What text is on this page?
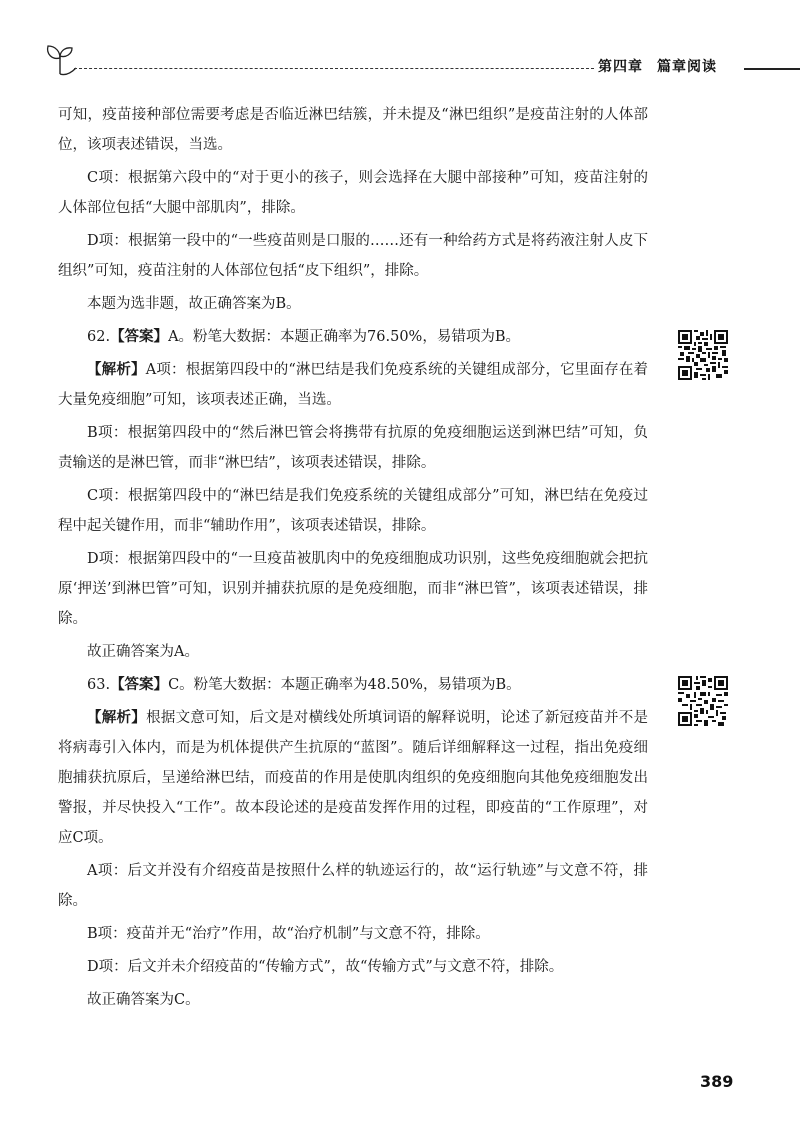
第四章 篇章阅读

可知，疫苗接种部位需要考虑是否临近淋巴结簇，并未提及“淋巴组织”是疫苗注射的人体部位，该项表述错误，当选。

C项：根据第六段中的“对于更小的孩子，则会选择在大腿中部接种”可知，疫苗注射的人体部位包括“大腿中部肌肉”，排除。

D项：根据第一段中的“一些疫苗则是口服的……还有一种给药方式是将药液注射人皮下组织”可知，疫苗注射的人体部位包括“皮下组织”，排除。

本题为选非题，故正确答案为B。

62.【答案】A。粉笔大数据：本题正确率为76.50%，易错项为B。

【解析】A项：根据第四段中的“淋巴结是我们免疫系统的关键组成部分，它里面存在着大量免疫细胞”可知，该项表述正确，当选。

B项：根据第四段中的“然后淋巴管会将携带有抗原的免疫细胞运送到淋巴结”可知，负责输送的是淋巴管，而非“淋巴结”，该项表述错误，排除。

C项：根据第四段中的“淋巴结是我们免疫系统的关键组成部分”可知，淋巴结在免疫过程中起关键作用，而非“辅助作用”，该项表述错误，排除。

D项：根据第四段中的“一旦疫苗被肌肉中的免疫细胞成功识别，这些免疫细胞就会把抗原‘押送’到淋巴管”可知，识别并捕获抗原的是免疫细胞，而非“淋巴管”，该项表述错误，排除。

故正确答案为A。

63.【答案】C。粉笔大数据：本题正确率为48.50%，易错项为B。

【解析】根据文意可知，后文是对横线处所填词语的解释说明，论述了新冠疫苗并不是将病毒引入体内，而是为机体提供产生抗原的“蓝图”。随后详细解释这一过程，指出免疫细胞捕获抗原后，呈递给淋巴结，而疫苗的作用是使肌肉组织的免疫细胞向其他免疫细胞发出警报，并尽快投入“工作”。故本段论述的是疫苗发挥作用的过程，即疫苗的“工作原理”，对应C项。

A项：后文并没有介绍疫苗是按照什么样的轨迹运行的，故“运行轨迹”与文意不符，排除。

B项：疫苗并无“治疗”作用，故“治疗机制”与文意不符，排除。

D项：后文并未介绍疫苗的“传输方式”，故“传输方式”与文意不符，排除。

故正确答案为C。

389
